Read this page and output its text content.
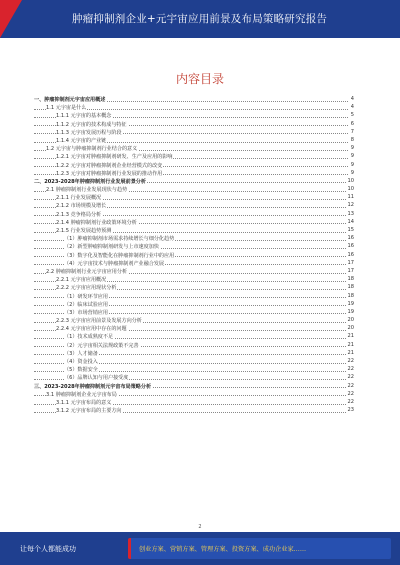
肿瘤抑制剂企业+元宇宙应用前景及布局策略研究报告
内容目录
一、肿瘤抑制剂元宇宙应用概述	4
1.1 元宇宙是什么	4
1.1.1 元宇宙的基本概念	5
1.1.2 元宇宙的技术构成与特征	6
1.1.3 元宇宙发展历程与阶段	7
1.1.4 元宇宙的产业链	8
1.2 元宇宙与肿瘤抑制剂行业结合的意义	9
1.2.1 元宇宙对肿瘤抑制剂研发、生产及应用的影响	9
1.2.2 元宇宙对肿瘤抑制剂企业经营模式的改变	9
1.2.3 元宇宙对肿瘤抑制剂行业发展的推动作用	9
二、2023-2028年肿瘤抑制剂行业发展前景分析	10
2.1 肿瘤抑制剂行业发展现状与趋势	10
2.1.1 行业发展概况	11
2.1.2 市场规模及增长	12
2.1.3 竞争格局分析	13
2.1.4 肿瘤抑制剂行业政策环境分析	14
2.1.5 行业发展趋势预测	15
（1）肿瘤抑制剂市场需求持续增长与细分化趋势	16
（2）新型肿瘤抑制剂研发与上市速度加快	16
（3）数字化及智能化在肿瘤抑制剂行业中的应用	16
（4）元宇宙技术与肿瘤抑制剂产业融合发展	17
2.2 肿瘤抑制剂行业元宇宙应用分析	17
2.2.1 元宇宙应用概况	18
2.2.2 元宇宙应用现状分析	18
（1）研发环节应用	18
（2）临床试验应用	19
（3）市场营销应用	19
2.2.3 元宇宙应用前景及发展方向分析	20
2.2.4 元宇宙应用中存在的问题	20
（1）技术成熟度不足	21
（2）元宇宙相关法规政策不完善	21
（3）人才储备	21
（4）资金投入	22
（5）数据安全	22
（6）品牌认知与用户接受度	22
三、2023-2028年肿瘤抑制剂元宇宙布局策略分析	22
3.1 肿瘤抑制剂企业元宇宙布局	22
3.1.1 元宇宙布局的意义	22
3.1.2 元宇宙布局的主要方向	23
2
让每个人都能成功	创业方案、营销方案、管理方案、投资方案、成功企业家……
